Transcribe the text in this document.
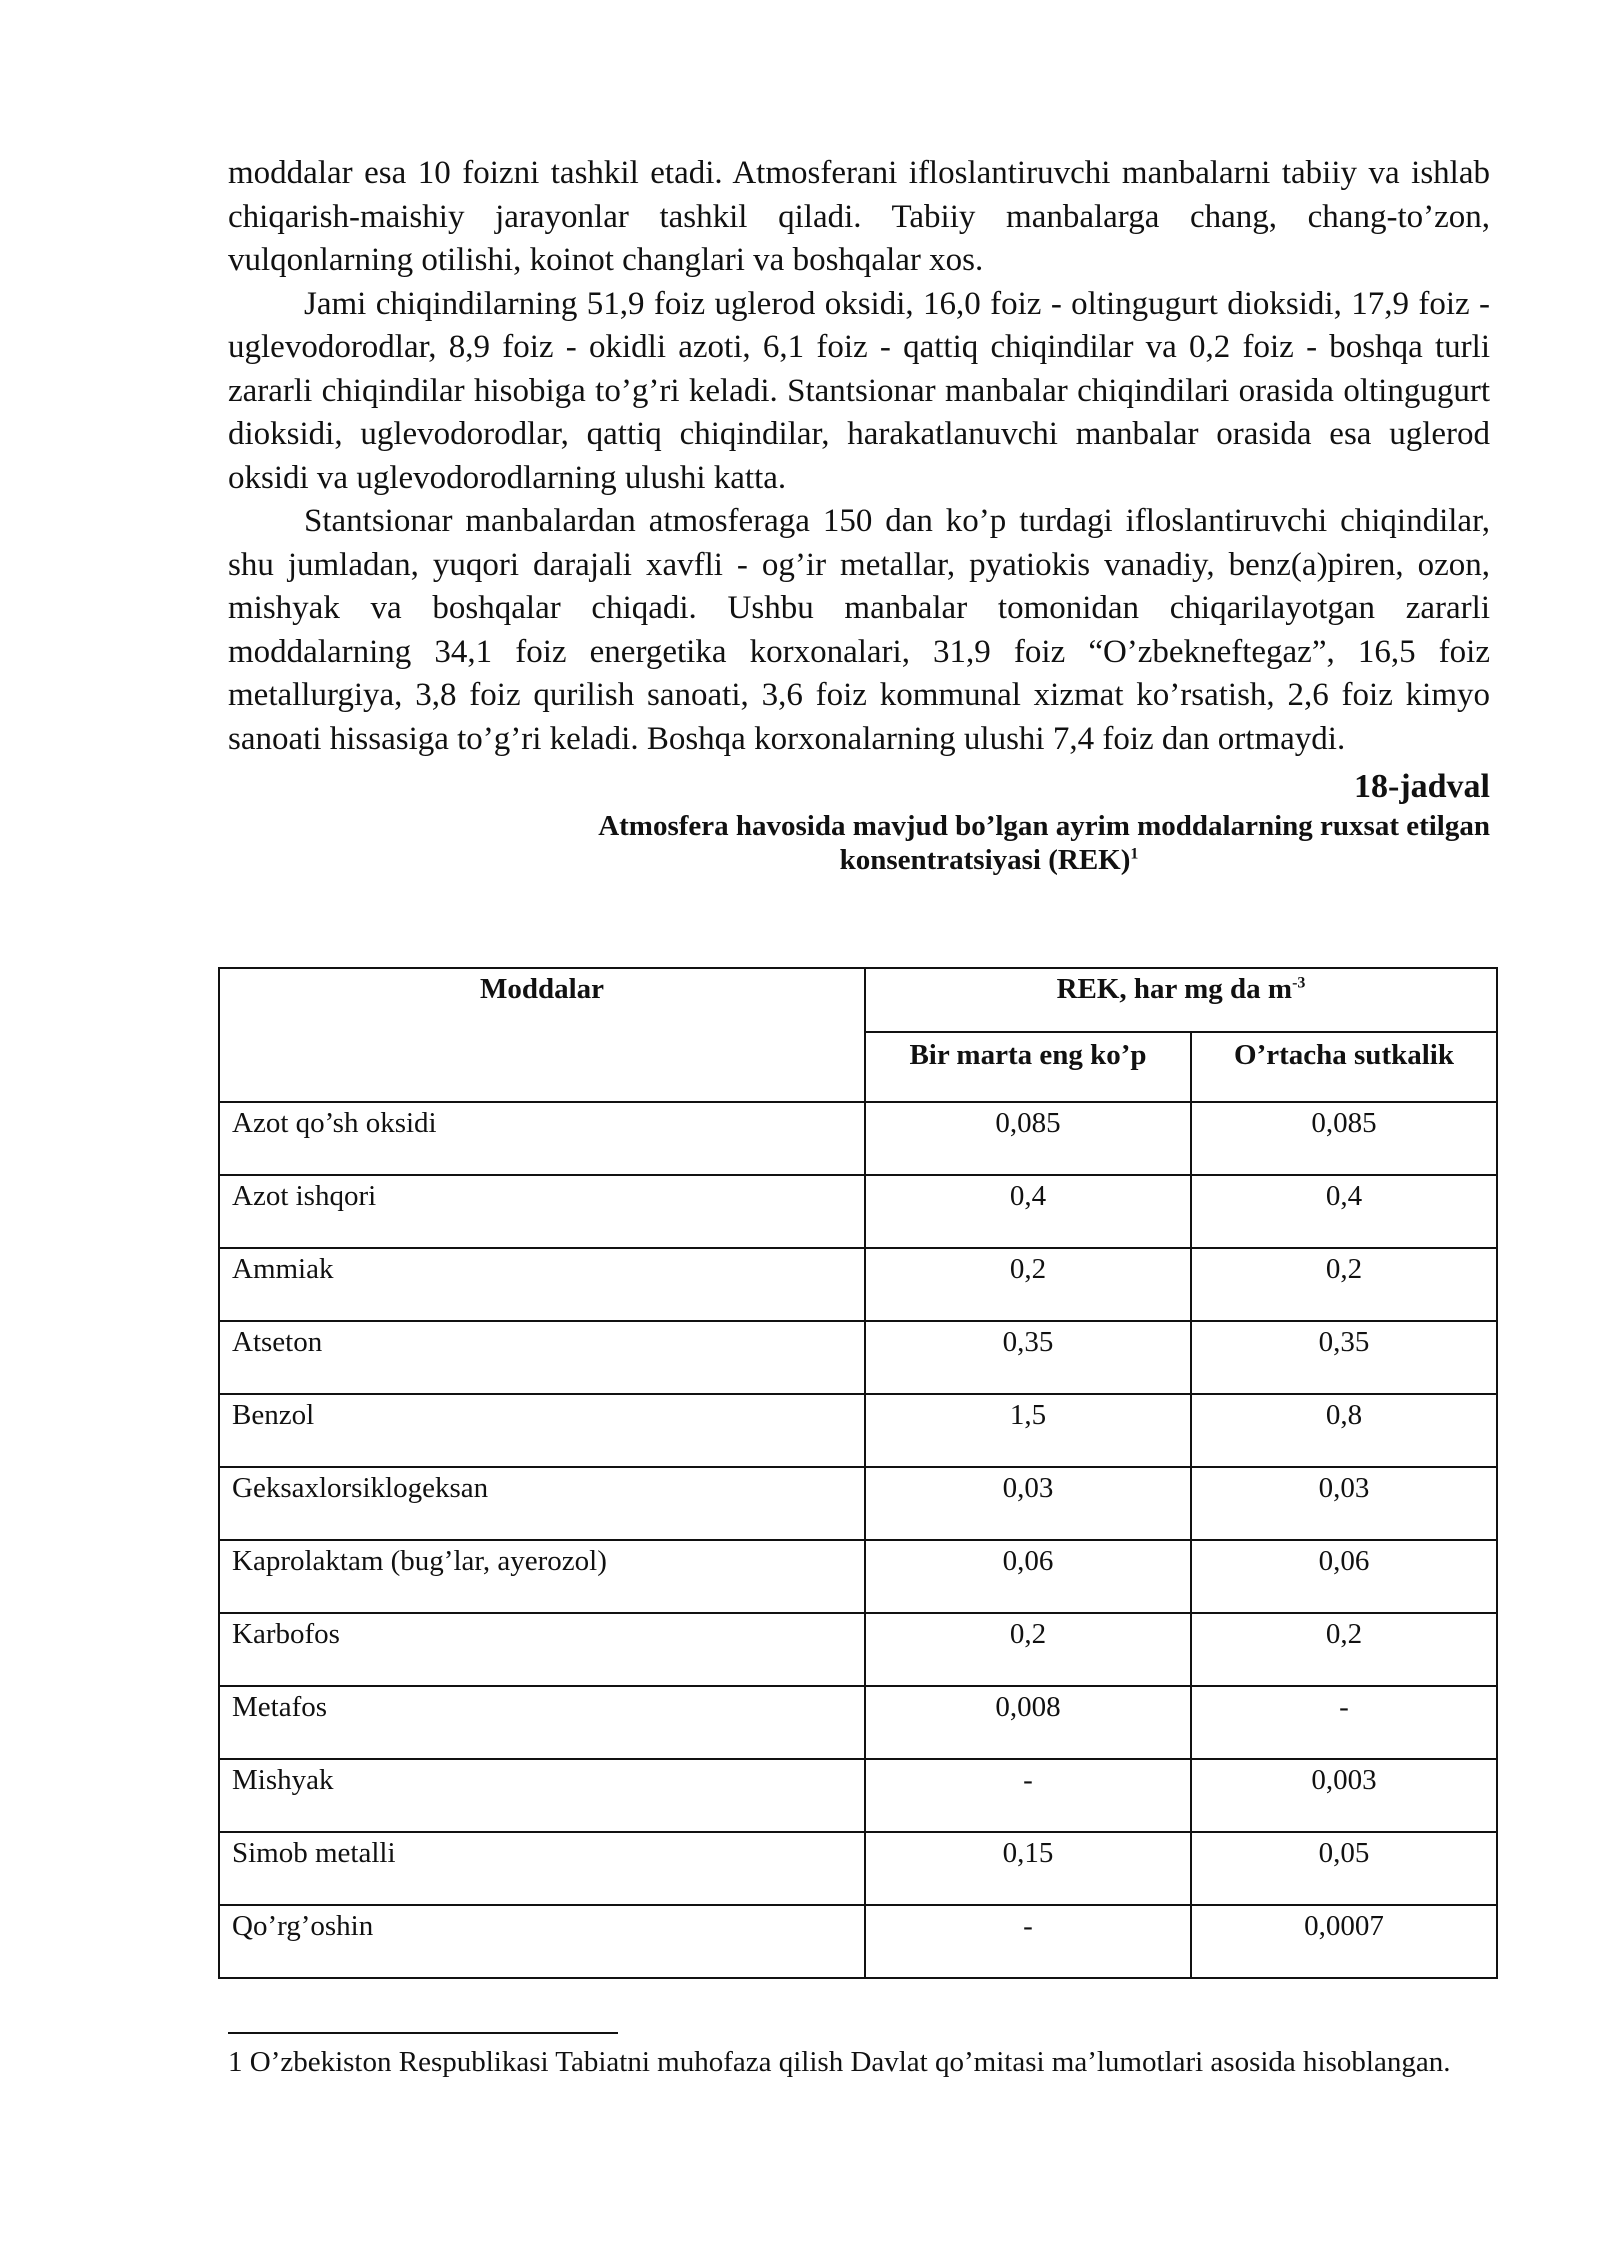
moddalar esa 10 foizni tashkil etadi. Atmosferani ifloslantiruvchi manbalarni tabiiy va ishlab chiqarish-maishiy jarayonlar tashkil qiladi. Tabiiy manbalarga chang, chang-to’zon, vulqonlarning otilishi, koinot changlari va boshqalar xos.

Jami chiqindilarning 51,9 foiz uglerod oksidi, 16,0 foiz - oltingugurt dioksidi, 17,9 foiz - uglevodorodlar, 8,9 foiz - okidli azoti, 6,1 foiz - qattiq chiqindilar va 0,2 foiz - boshqa turli zararli chiqindilar hisobiga to’g’ri keladi. Stantsionar manbalar chiqindilari orasida oltingugurt dioksidi, uglevodorodlar, qattiq chiqindilar, harakatlanuvchi manbalar orasida esa uglerod oksidi va uglevodorodlarning ulushi katta.

Stantsionar manbalardan atmosferaga 150 dan ko’p turdagi ifloslantiruvchi chiqindilar, shu jumladan, yuqori darajali xavfli - og’ir metallar, pyatiokis vanadiy, benz(a)piren, ozon, mishyak va boshqalar chiqadi. Ushbu manbalar tomonidan chiqarilayotgan zararli moddalarning 34,1 foiz energetika korxonalari, 31,9 foiz “O’zbekneftegaz”, 16,5 foiz metallurgiya, 3,8 foiz qurilish sanoati, 3,6 foiz kommunal xizmat ko’rsatish, 2,6 foiz kimyo sanoati hissasiga to’g’ri keladi. Boshqa korxonalarning ulushi 7,4 foiz dan ortmaydi.

18-jadval
Atmosfera havosida mavjud bo’lgan ayrim moddalarning ruxsat etilgan
konsentratsiyasi (REK)$^1$
Moddalar	REK, har mg da $m^{-3}$
	Bir marta eng ko’p	O’rtacha sutkalik
Azot qo’sh oksidi	0,085	0,085
Azot ishqori	0,4	0,4
Ammiak	0,2	0,2
Atseton	0,35	0,35
Benzol	1,5	0,8
Geksaxlorsiklogeksan	0,03	0,03
Kaprolaktam (bug’lar, ayerozol)	0,06	0,06
Karbofos	0,2	0,2
Metafos	0,008	-
Mishyak	-	0,003
Simob metalli	0,15	0,05
Qo’rg’oshin	-	0,0007
1 O’zbekiston Respublikasi Tabiatni muhofaza qilish Davlat qo’mitasi ma’lumotlari asosida hisoblangan.
